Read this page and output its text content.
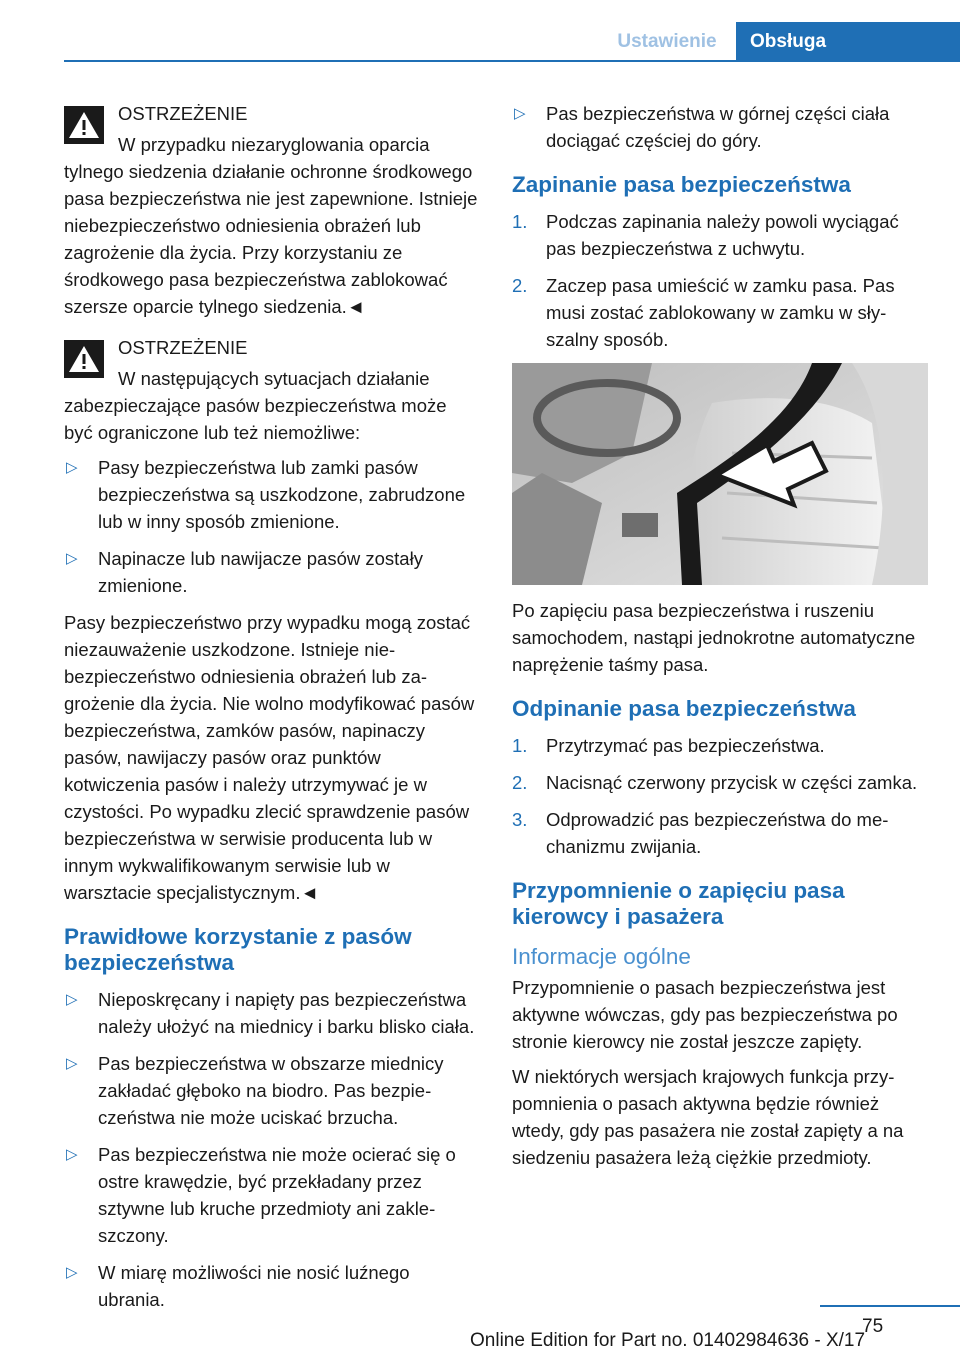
Ustawienie	Obsługa
OSTRZEŻENIE

W przypadku niezaryglowania oparcia tylnego siedzenia działanie ochronne środkowego pasa bezpieczeństwa nie jest zapewnione. Istnieje niebezpieczeństwo odniesienia obrażeń lub zagrożenie dla życia. Przy korzystaniu ze środkowego pasa bezpieczeństwa zablokować szersze oparcie tylnego siedzenia.◄

OSTRZEŻENIE

W następujących sytuacjach działanie zabezpieczające pasów bezpieczeństwa może być ograniczone lub też niemożliwe:

▷ Pasy bezpieczeństwa lub zamki pasów bezpieczeństwa są uszkodzone, zabrudzone lub w inny sposób zmienione.
▷ Napinacze lub nawijacze pasów zostały zmienione.

Pasy bezpieczeństwo przy wypadku mogą zostać niezauważenie uszkodzone. Istnieje niebezpieczeństwo odniesienia obrażeń lub zagrożenie dla życia. Nie wolno modyfikować pasów bezpieczeństwa, zamków pasów, napinaczy pasów, nawijaczy pasów oraz punktów kotwiczenia pasów i należy utrzymywać je w czystości. Po wypadku zlecić sprawdzenie pasów bezpieczeństwa w serwisie producenta lub w innym wykwalifikowanym serwisie lub w warsztacie specjalistycznym.◄

Prawidłowe korzystanie z pasów bezpieczeństwa
▷ Nieposkręcany i napięty pas bezpieczeństwa należy ułożyć na miednicy i barku blisko ciała.
▷ Pas bezpieczeństwa w obszarze miednicy zakładać głęboko na biodro. Pas bezpieczeństwa nie może uciskać brzucha.
▷ Pas bezpieczeństwa nie może ocierać się o ostre krawędzie, być przekładany przez sztywne lub kruche przedmioty ani zakleszczony.
▷ W miarę możliwości nie nosić luźnego ubrania.
▷ Pas bezpieczeństwa w górnej części ciała dociągać częściej do góry.
Zapinanie pasa bezpieczeństwa
1. Podczas zapinania należy powoli wyciągać pas bezpieczeństwa z uchwytu.
2. Zaczep pasa umieścić w zamku pasa. Pas musi zostać zablokowany w zamku w słyszalny sposób.

Po zapięciu pasa bezpieczeństwa i ruszeniu samochodem, nastąpi jednokrotne automatyczne naprężenie taśmy pasa.

Odpinanie pasa bezpieczeństwa
1. Przytrzymać pas bezpieczeństwa.
2. Nacisnąć czerwony przycisk w części zamka.
3. Odprowadzić pas bezpieczeństwa do mechanizmu zwijania.
Przypomnienie o zapięciu pasa kierowcy i pasażera
Informacje ogólne

Przypomnienie o pasach bezpieczeństwa jest aktywne wówczas, gdy pas bezpieczeństwa po stronie kierowcy nie został jeszcze zapięty.

W niektórych wersjach krajowych funkcja przypomnienia o pasach aktywna będzie również wtedy, gdy pas pasażera nie został zapięty a na siedzeniu pasażera leżą ciężkie przedmioty.

75
Online Edition for Part no. 01402984636 - X/17
